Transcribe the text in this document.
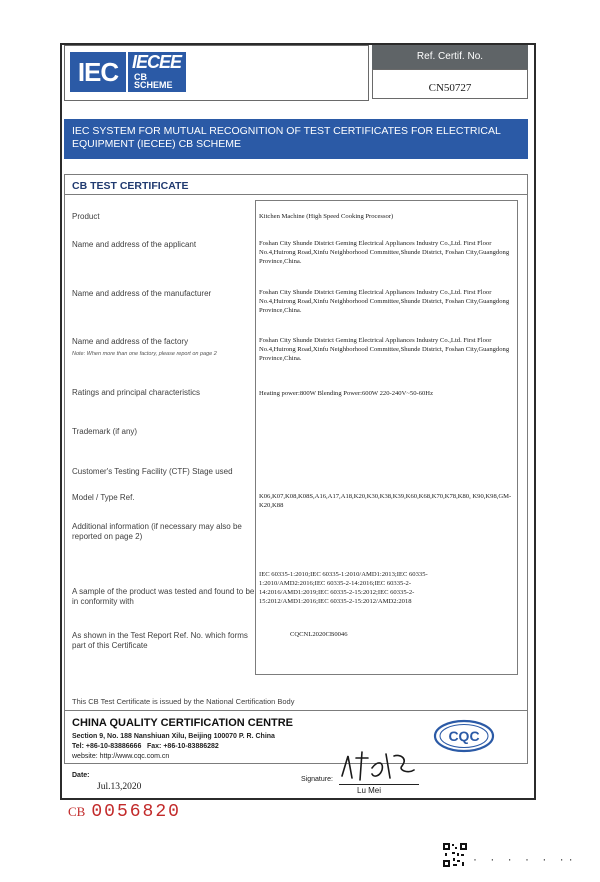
IEC IECEE
CB
SCHEME
Ref. Certif. No.
CN50727
IEC SYSTEM FOR MUTUAL RECOGNITION OF TEST CERTIFICATES FOR ELECTRICAL EQUIPMENT (IECEE) CB SCHEME
CB TEST CERTIFICATE
Product
Name and address of the applicant
Name and address of the manufacturer
Name and address of the factory
Note: When more than one factory, please report on page 2
Ratings and principal characteristics
Trademark (if any)
Customer's Testing Facility (CTF) Stage used
Model / Type Ref.
Additional information (if necessary may also be reported on page 2)
A sample of the product was tested and found to be in conformity with
As shown in the Test Report Ref. No. which forms part of this Certificate
Kitchen Machine (High Speed Cooking Processor)
Foshan City Shunde District Geming Electrical Appliances Industry Co.,Ltd. First Floor No.4,Huirong Road,Xinfu Neighborhood Committee,Shunde District, Foshan City,Guangdong Province,China.
Foshan City Shunde District Geming Electrical Appliances Industry Co.,Ltd. First Floor No.4,Huirong Road,Xinfu Neighborhood Committee,Shunde District, Foshan City,Guangdong Province,China.
Foshan City Shunde District Geming Electrical Appliances Industry Co.,Ltd. First Floor No.4,Huirong Road,Xinfu Neighborhood Committee,Shunde District, Foshan City,Guangdong Province,China.
Heating power:800W Blending Power:600W 220-240V~50-60Hz
K06,K07,K08,K08S,A16,A17,A18,K20,K30,K38,K39,K60,K68,K70,K78,K80, K90,K98,GM-K20,K88
IEC 60335-1:2010;IEC 60335-1:2010/AMD1:2013;IEC 60335-1:2010/AMD2:2016;IEC 60335-2-14:2016;IEC 60335-2-14:2016/AMD1:2019;IEC 60335-2-15:2012;IEC 60335-2-15:2012/AMD1:2016;IEC 60335-2-15:2012/AMD2:2018
CQCNL2020CB0046
This CB Test Certificate is issued by the National Certification Body
CHINA QUALITY CERTIFICATION CENTRE
Section 9, No. 188 Nanshiuan Xilu, Beijing 100070 P. R. China
Tel: +86-10-83886666 Fax: +86-10-83886282
website: http://www.cqc.com.cn
CQC
Date:
Jul.13,2020
Signature:
Lu Mei
CB 0056820
· · · · · ··
